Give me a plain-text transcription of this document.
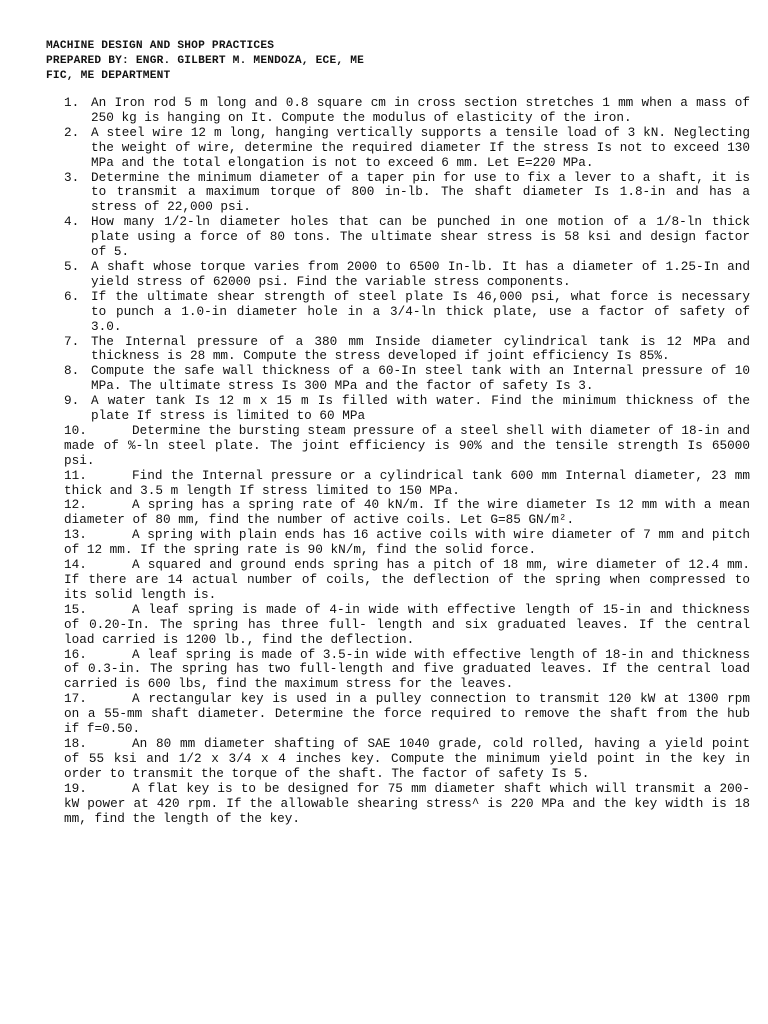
MACHINE DESIGN AND SHOP PRACTICES
PREPARED BY: ENGR. GILBERT M. MENDOZA, ECE, ME
FIC, ME DEPARTMENT
1. An Iron rod 5 m long and 0.8 square cm in cross section stretches 1 mm when a mass of 250 kg is hanging on It. Compute the modulus of elasticity of the iron.
2. A steel wire 12 m long, hanging vertically supports a tensile load of 3 kN. Neglecting the weight of wire, determine the required diameter If the stress Is not to exceed 130 MPa and the total elongation is not to exceed 6 mm. Let E=220 MPa.
3. Determine the minimum diameter of a taper pin for use to fix a lever to a shaft, it is to transmit a maximum torque of 800 in-lb. The shaft diameter Is 1.8-in and has a stress of 22,000 psi.
4. How many 1/2-ln diameter holes that can be punched in one motion of a 1/8-ln thick plate using a force of 80 tons. The ultimate shear stress is 58 ksi and design factor of 5.
5. A shaft whose torque varies from 2000 to 6500 In-lb. It has a diameter of 1.25-In and yield stress of 62000 psi. Find the variable stress components.
6. If the ultimate shear strength of steel plate Is 46,000 psi, what force is necessary to punch a 1.0-in diameter hole in a 3/4-ln thick plate, use a factor of safety of 3.0.
7. The Internal pressure of a 380 mm Inside diameter cylindrical tank is 12 MPa and thickness is 28 mm. Compute the stress developed if joint efficiency Is 85%.
8. Compute the safe wall thickness of a 60-In steel tank with an Internal pressure of 10 MPa. The ultimate stress Is 300 MPa and the factor of safety Is 3.
9. A water tank Is 12 m x 15 m Is filled with water. Find the minimum thickness of the plate If stress is limited to 60 MPa
10.	Determine the bursting steam pressure of a steel shell with diameter of 18-in and made of %-ln steel plate. The joint efficiency is 90% and the tensile strength Is 65000 psi.
11.	Find the Internal pressure or a cylindrical tank 600 mm Internal diameter, 23 mm thick and 3.5 m length If stress limited to 150 MPa.
12.	A spring has a spring rate of 40 kN/m. If the wire diameter Is 12 mm with a mean diameter of 80 mm, find the number of active coils. Let G=85 GN/m².
13.	A spring with plain ends has 16 active coils with wire diameter of 7 mm and pitch of 12 mm. If the spring rate is 90 kN/m, find the solid force.
14.	A squared and ground ends spring has a pitch of 18 mm, wire diameter of 12.4 mm. If there are 14 actual number of coils, the deflection of the spring when compressed to its solid length is.
15.	A leaf spring is made of 4-in wide with effective length of 15-in and thickness of 0.20-In. The spring has three full- length and six graduated leaves. If the central load carried is 1200 lb., find the deflection.
16.	A leaf spring is made of 3.5-in wide with effective length of 18-in and thickness of 0.3-in. The spring has two full-length and five graduated leaves. If the central load carried is 600 lbs, find the maximum stress for the leaves.
17.	A rectangular key is used in a pulley connection to transmit 120 kW at 1300 rpm on a 55-mm shaft diameter. Determine the force required to remove the shaft from the hub if f=0.50.
18.	An 80 mm diameter shafting of SAE 1040 grade, cold rolled, having a yield point of 55 ksi and 1/2 x 3/4 x 4 inches key. Compute the minimum yield point in the key in order to transmit the torque of the shaft. The factor of safety Is 5.
19.	A flat key is to be designed for 75 mm diameter shaft which will transmit a 200-kW power at 420 rpm. If the allowable shearing stress^ is 220 MPa and the key width is 18 mm, find the length of the key.
